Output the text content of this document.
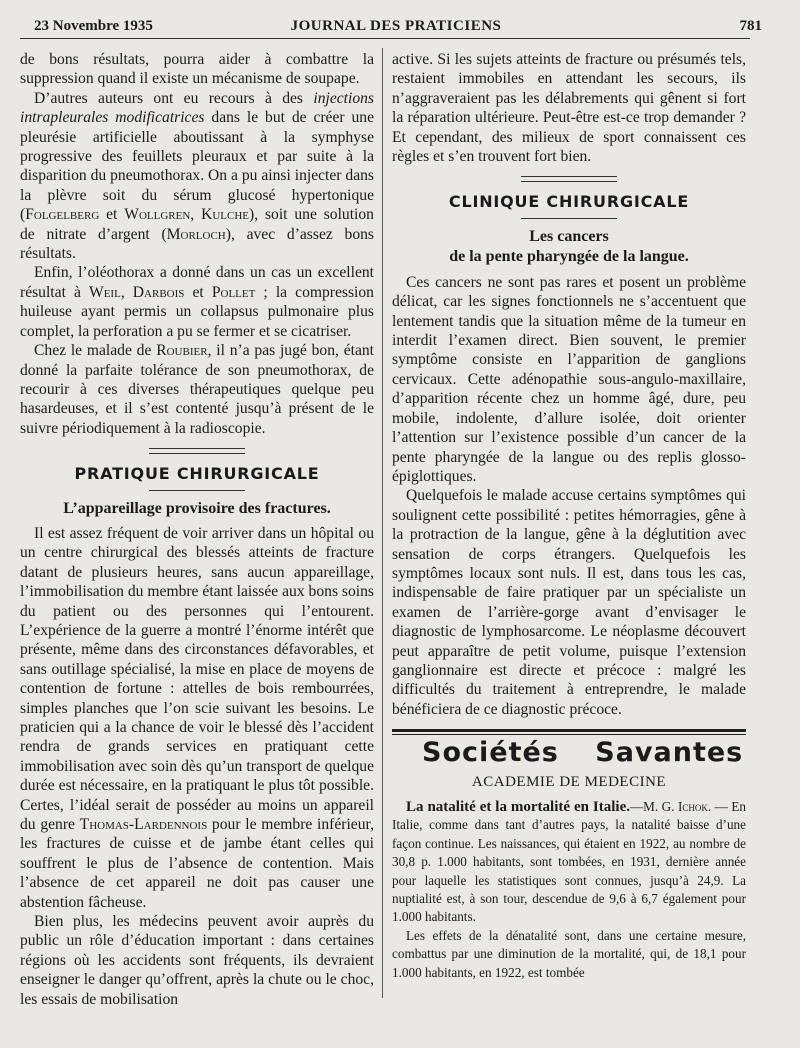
23 Novembre 1935	JOURNAL DES PRATICIENS	781

de bons résultats, pourra aider à combattre la suppression quand il existe un mécanisme de soupape.

D’autres auteurs ont eu recours à des injections intrapleurales modificatrices dans le but de créer une pleurésie artificielle aboutissant à la symphyse progressive des feuillets pleuraux et par suite à la disparition du pneumothorax. On a pu ainsi injecter dans la plèvre soit du sérum glucosé hypertonique (Folgelberg et Wollgren, Kulche), soit une solution de nitrate d’argent (Morloch), avec d’assez bons résultats.

Enfin, l’oléothorax a donné dans un cas un excellent résultat à Weil, Darbois et Pollet ; la compression huileuse ayant permis un collapsus pulmonaire plus complet, la perforation a pu se fermer et se cicatriser.

Chez le malade de Roubier, il n’a pas jugé bon, étant donné la parfaite tolérance de son pneumothorax, de recourir à ces diverses thérapeutiques quelque peu hasardeuses, et il s’est contenté jusqu’à présent de le suivre périodiquement à la radioscopie.

PRATIQUE CHIRURGICALE
L’appareillage provisoire des fractures.

Il est assez fréquent de voir arriver dans un hôpital ou un centre chirurgical des blessés atteints de fracture datant de plusieurs heures, sans aucun appareillage, l’immobilisation du membre étant laissée aux bons soins du patient ou des personnes qui l’entourent. L’expérience de la guerre a montré l’énorme intérêt que présente, même dans des circonstances défavorables, et sans outillage spécialisé, la mise en place de moyens de contention de fortune : attelles de bois rembourrées, simples planches que l’on scie suivant les besoins. Le praticien qui a la chance de voir le blessé dès l’accident rendra de grands services en pratiquant cette immobilisation avec soin dès qu’un transport de quelque durée est nécessaire, en la pratiquant le plus tôt possible. Certes, l’idéal serait de posséder au moins un appareil du genre Thomas-Lardennois pour le membre inférieur, les fractures de cuisse et de jambe étant celles qui souffrent le plus de l’absence de contention. Mais l’absence de cet appareil ne doit pas causer une abstention fâcheuse.

Bien plus, les médecins peuvent avoir auprès du public un rôle d’éducation important : dans certaines régions où les accidents sont fréquents, ils devraient enseigner le danger qu’offrent, après la chute ou le choc, les essais de mobilisation

active. Si les sujets atteints de fracture ou présumés tels, restaient immobiles en attendant les secours, ils n’aggraveraient pas les délabrements qui gênent si fort la réparation ultérieure. Peut-être est-ce trop demander ? Et cependant, des milieux de sport connaissent ces règles et s’en trouvent fort bien.

CLINIQUE CHIRURGICALE
Les cancers
de la pente pharyngée de la langue.

Ces cancers ne sont pas rares et posent un problème délicat, car les signes fonctionnels ne s’accentuent que lentement tandis que la situation même de la tumeur en interdit l’examen direct. Bien souvent, le premier symptôme consiste en l’apparition de ganglions cervicaux. Cette adénopathie sous-angulo-maxillaire, d’apparition récente chez un homme âgé, dure, peu mobile, indolente, d’allure isolée, doit orienter l’attention sur l’existence possible d’un cancer de la pente pharyngée de la langue ou des replis glosso-épiglottiques.

Quelquefois le malade accuse certains symptômes qui soulignent cette possibilité : petites hémorragies, gêne à la protraction de la langue, gêne à la déglutition avec sensation de corps étrangers. Quelquefois les symptômes locaux sont nuls. Il est, dans tous les cas, indispensable de faire pratiquer par un spécialiste un examen de l’arrière-gorge avant d’envisager le diagnostic de lymphosarcome. Le néoplasme découvert peut apparaître de petit volume, puisque l’extension ganglionnaire est directe et précoce : malgré les difficultés du traitement à entreprendre, le malade bénéficiera de ce diagnostic précoce.

Sociétés Savantes
ACADEMIE DE MEDECINE

La natalité et la mortalité en Italie.—M. G. Ichok. — En Italie, comme dans tant d’autres pays, la natalité baisse d’une façon continue. Les naissances, qui étaient en 1922, au nombre de 30,8 p. 1.000 habitants, sont tombées, en 1931, dernière année pour laquelle les statistiques sont connues, jusqu’à 24,9. La nuptialité est, à son tour, descendue de 9,6 à 6,7 également pour 1.000 habitants.

Les effets de la dénatalité sont, dans une certaine mesure, combattus par une diminution de la mortalité, qui, de 18,1 pour 1.000 habitants, en 1922, est tombée
